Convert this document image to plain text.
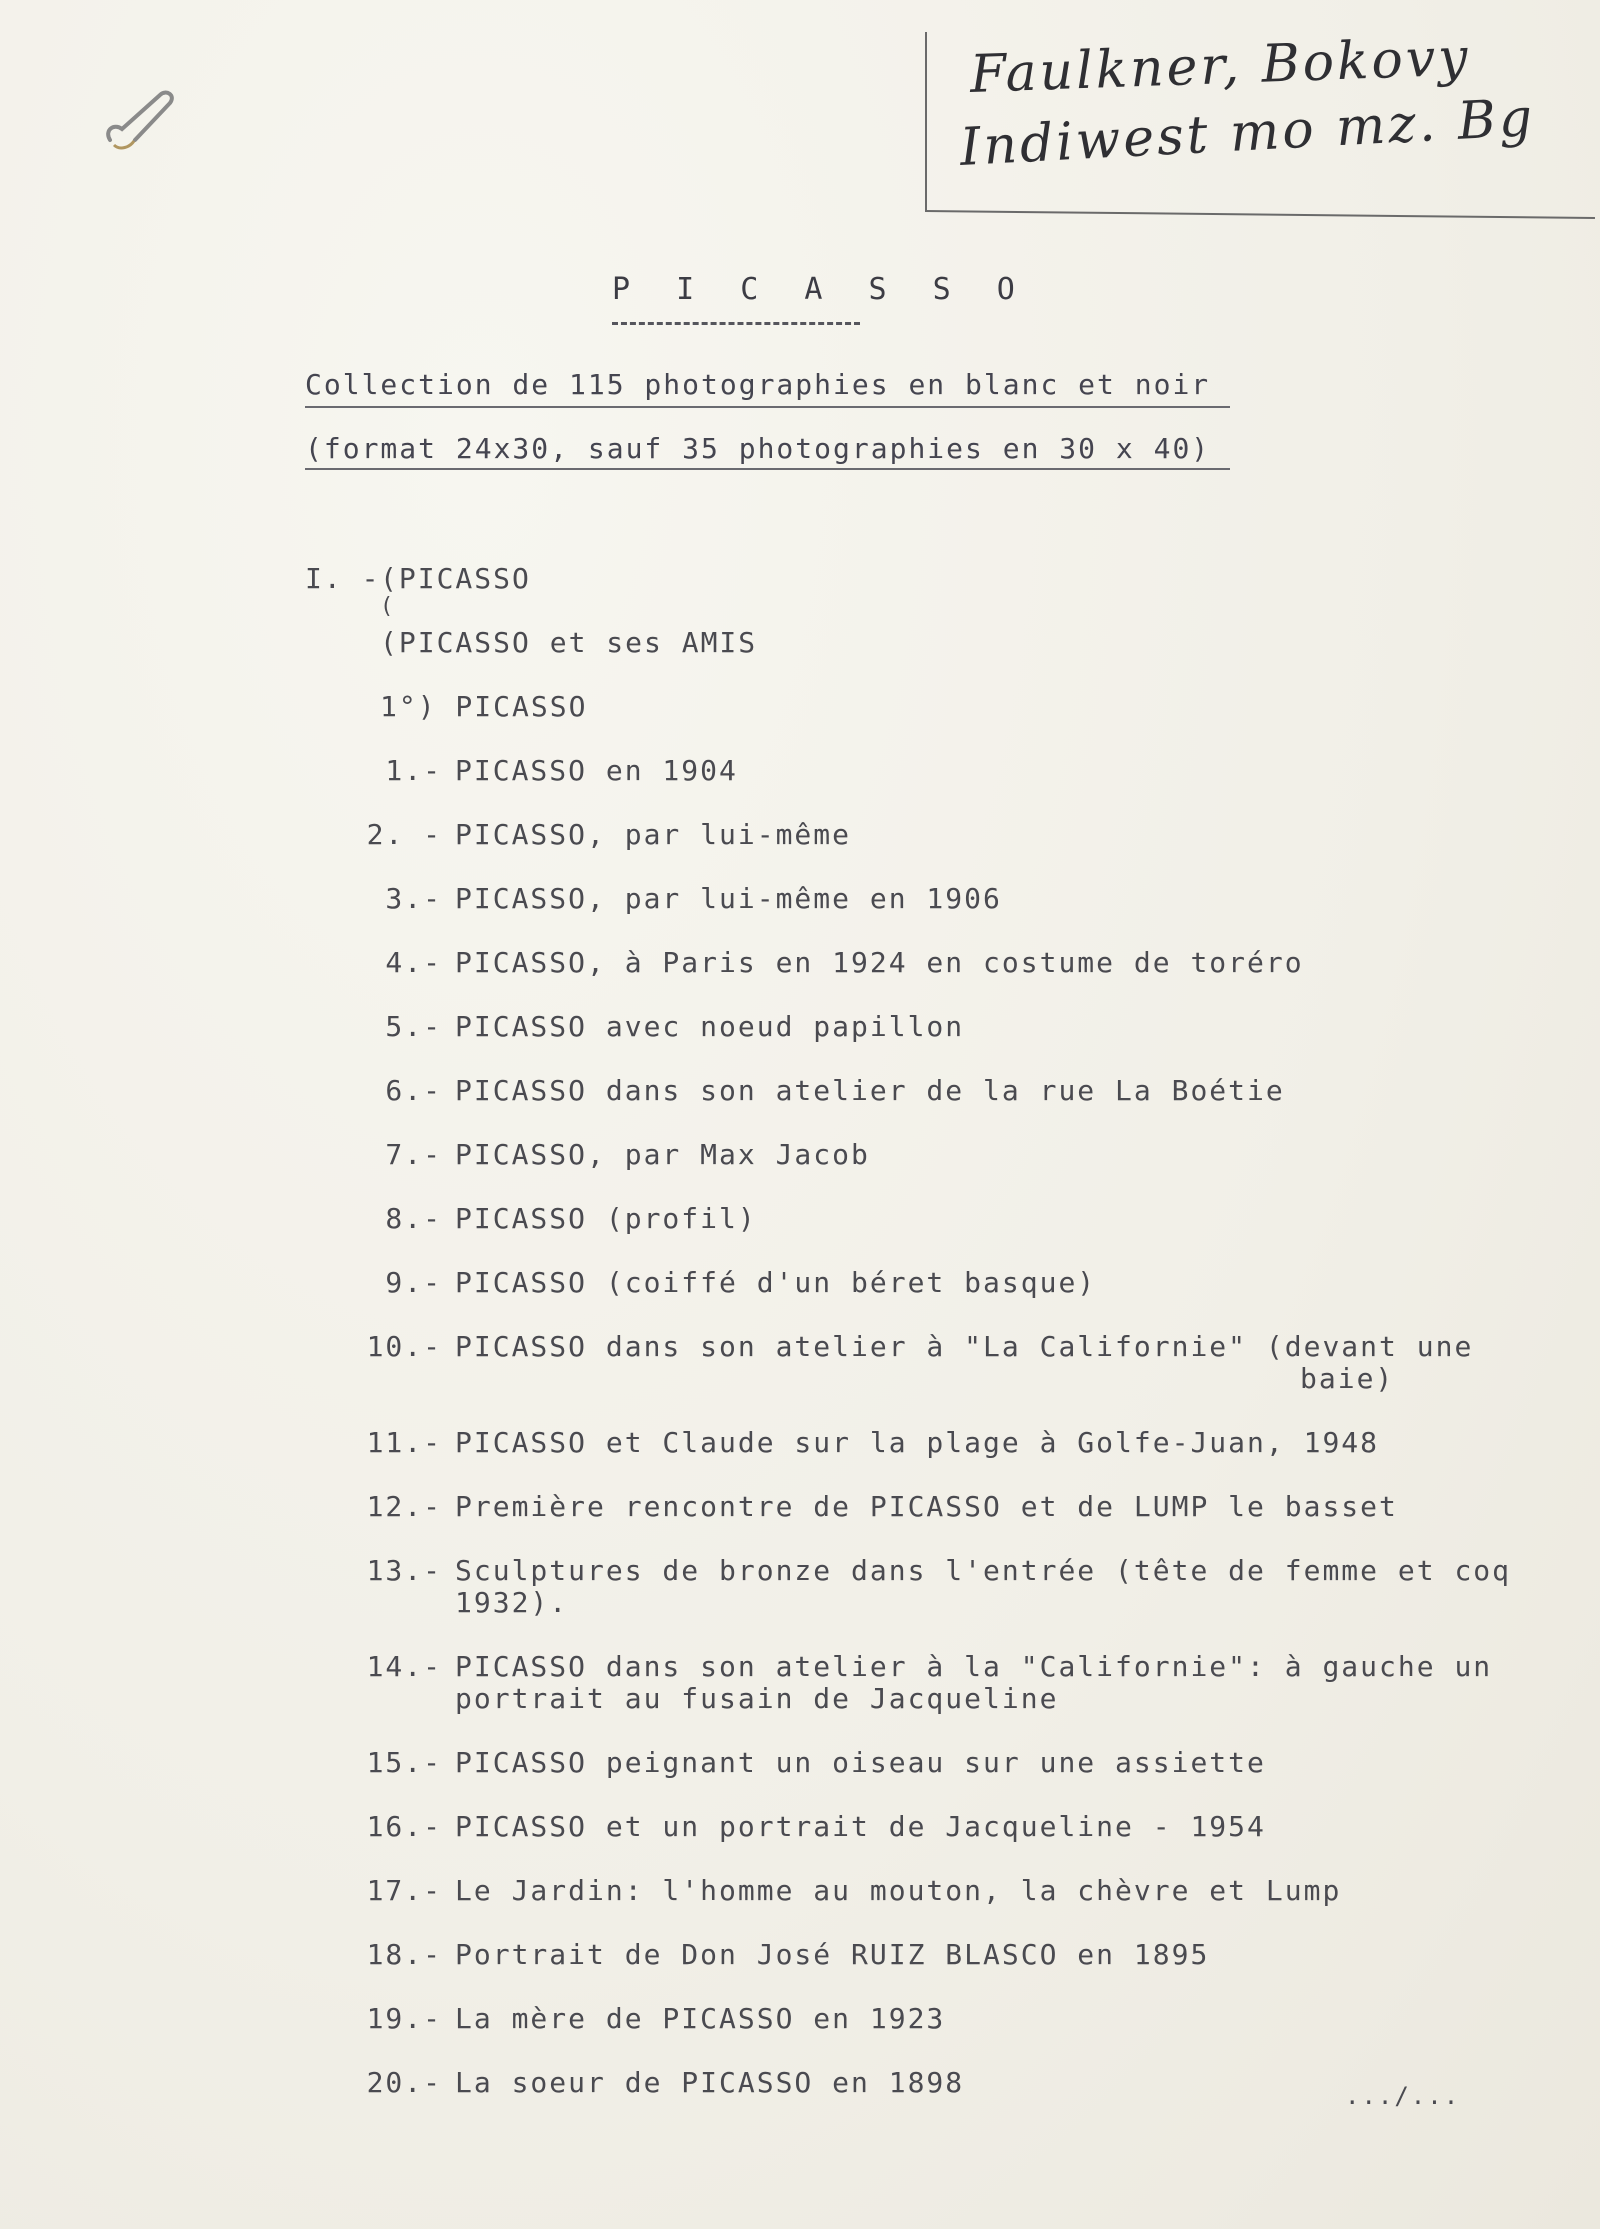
Faulkner, Bokovy
Indiwest mo mz. Bg
P I C A S S O
Collection de 115 photographies en blanc et noir
(format 24x30, sauf 35 photographies en 30 x 40)
I. - (PICASSO
(
(PICASSO et ses AMIS
1°) PICASSO
1.- PICASSO en 1904
2. - PICASSO, par lui-même
3.- PICASSO, par lui-même en 1906
4.- PICASSO, à Paris en 1924 en costume de toréro
5.- PICASSO avec noeud papillon
6.- PICASSO dans son atelier de la rue La Boétie
7.- PICASSO, par Max Jacob
8.- PICASSO (profil)
9.- PICASSO (coiffé d'un béret basque)
10.- PICASSO dans son atelier à "La Californie" (devant une
baie)
11.- PICASSO et Claude sur la plage à Golfe-Juan, 1948
12.- Première rencontre de PICASSO et de LUMP le basset
13.- Sculptures de bronze dans l'entrée (tête de femme et coq
1932).
14.- PICASSO dans son atelier à la "Californie": à gauche un
portrait au fusain de Jacqueline
15.- PICASSO peignant un oiseau sur une assiette
16.- PICASSO et un portrait de Jacqueline - 1954
17.- Le Jardin: l'homme au mouton, la chèvre et Lump
18.- Portrait de Don José RUIZ BLASCO en 1895
19.- La mère de PICASSO en 1923
20.- La soeur de PICASSO en 1898	.../...
